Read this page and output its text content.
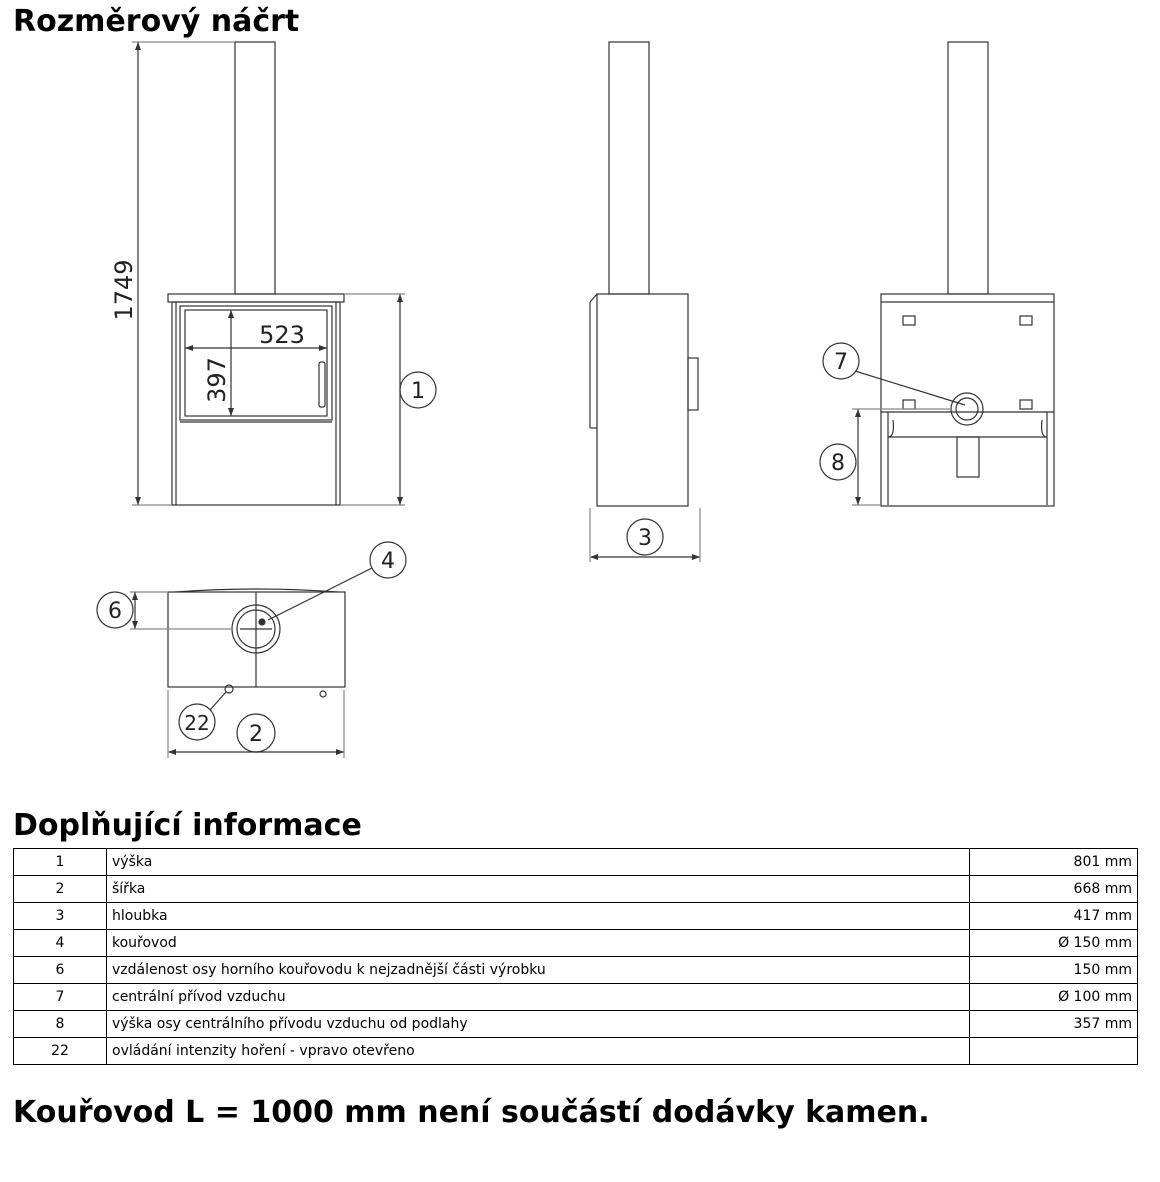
Rozměrový náčrt
1749
523
397	1
3
7
8
4
6
22 2
Doplňující informace
1	výška	801 mm
2	šířka	668 mm
3	hloubka	417 mm
4	kouřovod	Ø 150 mm
6	vzdálenost osy horního kouřovodu k nejzadnější části výrobku	150 mm
7	centrální přívod vzduchu	Ø 100 mm
8	výška osy centrálního přívodu vzduchu od podlahy	357 mm
22	ovládání intenzity hoření - vpravo otevřeno	
Kouřovod L = 1000 mm není součástí dodávky kamen.
